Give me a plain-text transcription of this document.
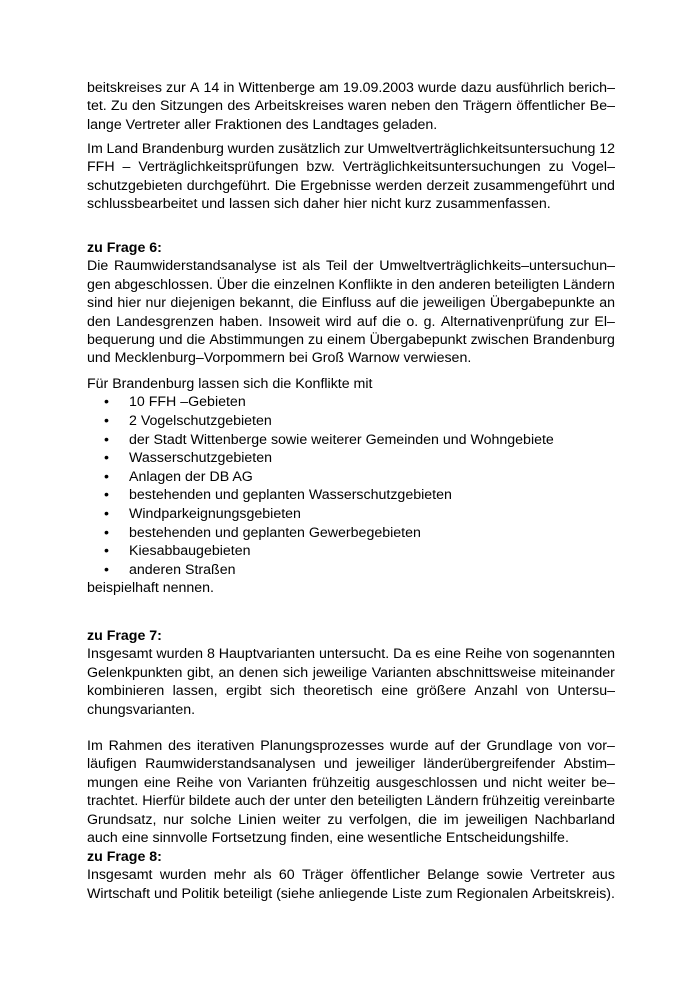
beitskreises zur A 14 in Wittenberge am 19.09.2003 wurde dazu ausführlich berich–
tet. Zu den Sitzungen des Arbeitskreises waren neben den Trägern öffentlicher Be–
lange Vertreter aller Fraktionen des Landtages geladen.
Im Land Brandenburg wurden zusätzlich zur Umweltverträglichkeitsuntersuchung 12
FFH – Verträglichkeitsprüfungen bzw. Verträglichkeitsuntersuchungen zu Vogel–
schutzgebieten durchgeführt. Die Ergebnisse werden derzeit zusammengeführt und
schlussbearbeitet und lassen sich daher hier nicht kurz zusammenfassen.
zu Frage 6:
Die Raumwiderstandsanalyse ist als Teil der Umweltverträglichkeits–untersuchun–
gen abgeschlossen. Über die einzelnen Konflikte in den anderen beteiligten Ländern
sind hier nur diejenigen bekannt, die Einfluss auf die jeweiligen Übergabepunkte an
den Landesgrenzen haben. Insoweit wird auf die o. g. Alternativenprüfung zur El–
bequerung und die Abstimmungen zu einem Übergabepunkt zwischen Brandenburg
und Mecklenburg–Vorpommern bei Groß Warnow verwiesen.
Für Brandenburg lassen sich die Konflikte mit
• 10 FFH –Gebieten
• 2 Vogelschutzgebieten
• der Stadt Wittenberge sowie weiterer Gemeinden und Wohngebiete
• Wasserschutzgebieten
• Anlagen der DB AG
• bestehenden und geplanten Wasserschutzgebieten
• Windparkeignungsgebieten
• bestehenden und geplanten Gewerbegebieten
• Kiesabbaugebieten
• anderen Straßen
beispielhaft nennen.
zu Frage 7:
Insgesamt wurden 8 Hauptvarianten untersucht. Da es eine Reihe von sogenannten
Gelenkpunkten gibt, an denen sich jeweilige Varianten abschnittsweise miteinander
kombinieren lassen, ergibt sich theoretisch eine größere Anzahl von Untersu–
chungsvarianten.
Im Rahmen des iterativen Planungsprozesses wurde auf der Grundlage von vor–
läufigen Raumwiderstandsanalysen und jeweiliger länderübergreifender Abstim–
mungen eine Reihe von Varianten frühzeitig ausgeschlossen und nicht weiter be–
trachtet. Hierfür bildete auch der unter den beteiligten Ländern frühzeitig vereinbarte
Grundsatz, nur solche Linien weiter zu verfolgen, die im jeweiligen Nachbarland
auch eine sinnvolle Fortsetzung finden, eine wesentliche Entscheidungshilfe.
zu Frage 8:
Insgesamt wurden mehr als 60 Träger öffentlicher Belange sowie Vertreter aus
Wirtschaft und Politik beteiligt (siehe anliegende Liste zum Regionalen Arbeitskreis).
